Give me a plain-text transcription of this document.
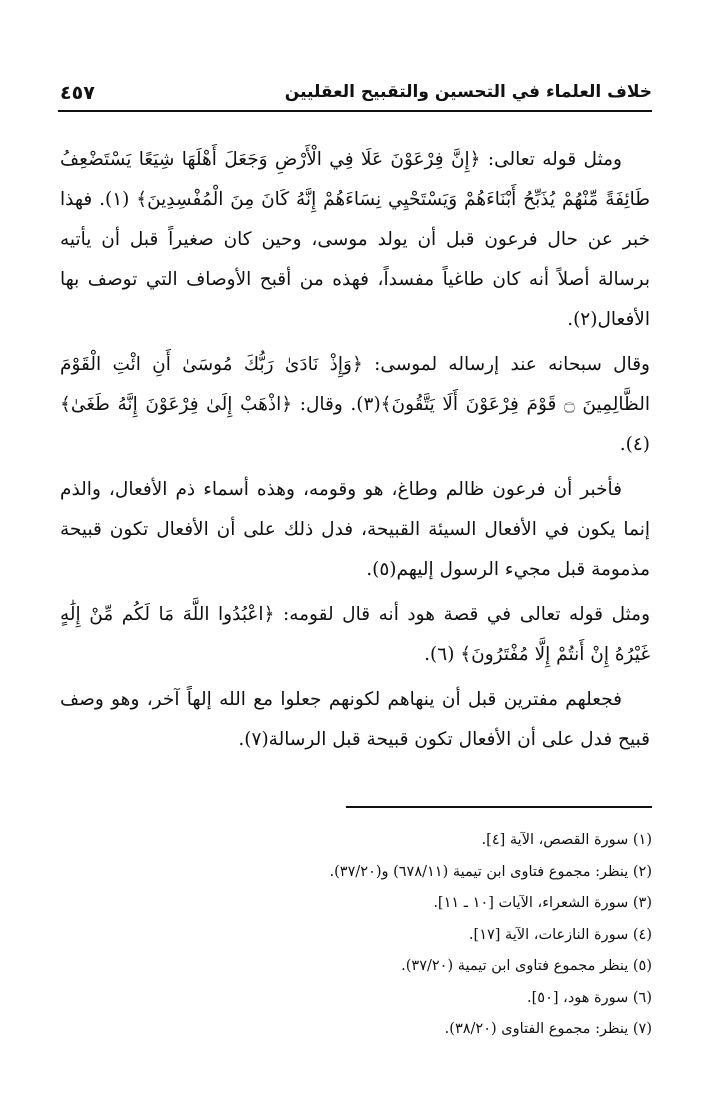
خلاف العلماء في التحسين والتقبيح العقليين
٤٥٧

ومثل قوله تعالى: ﴿إِنَّ فِرْعَوْنَ عَلَا فِي الْأَرْضِ وَجَعَلَ أَهْلَهَا شِيَعًا يَسْتَضْعِفُ طَائِفَةً مِّنْهُمْ يُذَبِّحُ أَبْنَاءَهُمْ وَيَسْتَحْيِي نِسَاءَهُمْ إِنَّهُ كَانَ مِنَ الْمُفْسِدِينَ﴾ (١). فهذا خبر عن حال فرعون قبل أن يولد موسى، وحين كان صغيراً قبل أن يأتيه برسالة أصلاً أنه كان طاغياً مفسداً، فهذه من أقبح الأوصاف التي توصف بها الأفعال(٢).

وقال سبحانه عند إرساله لموسى: ﴿وَإِذْ نَادَىٰ رَبُّكَ مُوسَىٰ أَنِ ائْتِ الْقَوْمَ الظَّالِمِينَ ۝ قَوْمَ فِرْعَوْنَ أَلَا يَتَّقُونَ﴾(٣). وقال: ﴿اذْهَبْ إِلَىٰ فِرْعَوْنَ إِنَّهُ طَغَىٰ﴾(٤).

فأخبر أن فرعون ظالم وطاغ، هو وقومه، وهذه أسماء ذم الأفعال، والذم إنما يكون في الأفعال السيئة القبيحة، فدل ذلك على أن الأفعال تكون قبيحة مذمومة قبل مجيء الرسول إليهم(٥).

ومثل قوله تعالى في قصة هود أنه قال لقومه: ﴿اعْبُدُوا اللَّهَ مَا لَكُم مِّنْ إِلَٰهٍ غَيْرُهُ إِنْ أَنتُمْ إِلَّا مُفْتَرُونَ﴾ (٦).

فجعلهم مفترين قبل أن ينهاهم لكونهم جعلوا مع الله إلهاً آخر، وهو وصف قبيح فدل على أن الأفعال تكون قبيحة قبل الرسالة(٧).

(١) سورة القصص، الآية [٤].
(٢) ينظر: مجموع فتاوى ابن تيمية (٦٧٨/١١) و(٣٧/٢٠).
(٣) سورة الشعراء، الآيات [١٠ ـ ١١].
(٤) سورة النازعات، الآية [١٧].
(٥) ينظر مجموع فتاوى ابن تيمية (٣٧/٢٠).
(٦) سورة هود، [٥٠].
(٧) ينظر: مجموع الفتاوى (٣٨/٢٠).
